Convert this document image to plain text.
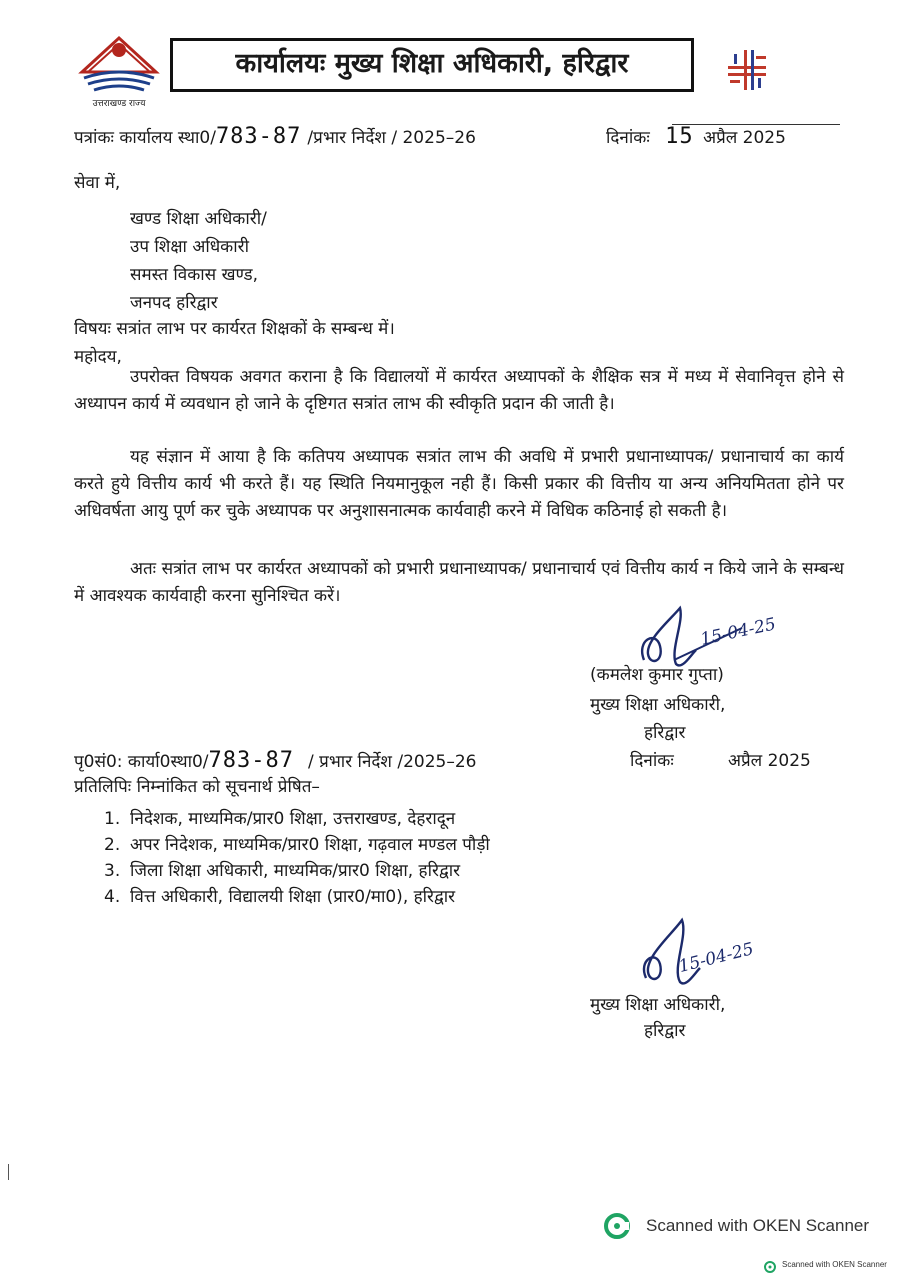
उत्तराखण्ड राज्य
कार्यालयः मुख्य शिक्षा अधिकारी, हरिद्वार
पत्रांकः कार्यालय स्था0/783-87 /प्रभार निर्देश / 2025–26	दिनांकः 15 अप्रैल 2025
सेवा में,
खण्ड शिक्षा अधिकारी/
उप शिक्षा अधिकारी
समस्त विकास खण्ड,
जनपद हरिद्वार
विषयः सत्रांत लाभ पर कार्यरत शिक्षकों के सम्बन्ध में।
महोदय,
उपरोक्त विषयक अवगत कराना है कि विद्यालयों में कार्यरत अध्यापकों के शैक्षिक सत्र में मध्य में सेवानिवृत्त होने से अध्यापन कार्य में व्यवधान हो जाने के दृष्टिगत सत्रांत लाभ की स्वीकृति प्रदान की जाती है।
यह संज्ञान में आया है कि कतिपय अध्यापक सत्रांत लाभ की अवधि में प्रभारी प्रधानाध्यापक/ प्रधानाचार्य का कार्य करते हुये वित्तीय कार्य भी करते हैं। यह स्थिति नियमानुकूल नही हैं। किसी प्रकार की वित्तीय या अन्य अनियमितता होने पर अधिवर्षता आयु पूर्ण कर चुके अध्यापक पर अनुशासनात्मक कार्यवाही करने में विधिक कठिनाई हो सकती है।
अतः सत्रांत लाभ पर कार्यरत अध्यापकों को प्रभारी प्रधानाध्यापक/ प्रधानाचार्य एवं वित्तीय कार्य न किये जाने के सम्बन्ध में आवश्यक कार्यवाही करना सुनिश्चित करें।
15-04-25
(कमलेश कुमार गुप्ता)
मुख्य शिक्षा अधिकारी,
हरिद्वार
पृ0सं0: कार्या0स्था0/783-87 / प्रभार निर्देश /2025–26	दिनांकः	अप्रैल 2025
प्रतिलिपिः निम्नांकित को सूचनार्थ प्रेषित–
1. निदेशक, माध्यमिक/प्रार0 शिक्षा, उत्तराखण्ड, देहरादून
2. अपर निदेशक, माध्यमिक/प्रार0 शिक्षा, गढ़वाल मण्डल पौड़ी
3. जिला शिक्षा अधिकारी, माध्यमिक/प्रार0 शिक्षा, हरिद्वार
4. वित्त अधिकारी, विद्यालयी शिक्षा (प्रार0/मा0), हरिद्वार
15-04-25
मुख्य शिक्षा अधिकारी,
हरिद्वार
Scanned with OKEN Scanner
Scanned with OKEN Scanner
